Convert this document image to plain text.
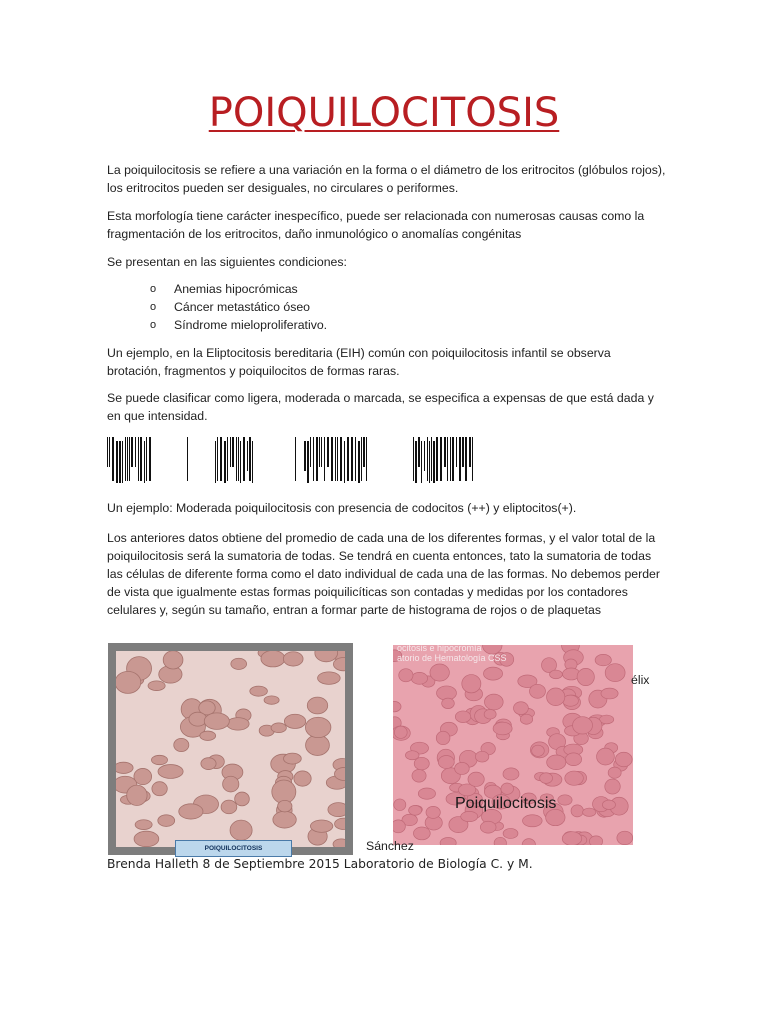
POIQUILOCITOSIS

La poiquilocitosis se refiere a una variación en la forma o el diámetro de los eritrocitos (glóbulos rojos), los eritrocitos pueden ser desiguales, no circulares o periformes.

Esta morfología tiene carácter inespecífico, puede ser relacionada con numerosas causas como la fragmentación de los eritrocitos, daño inmunológico o anomalías congénitas

Se presentan en las siguientes condiciones:

o Anemias hipocrómicas
o Cáncer metastático óseo
o Síndrome mieloproliferativo.

Un ejemplo, en la Eliptocitosis bereditaria (EIH) común con poiquilocitosis infantil se observa brotación, fragmentos y poiquilocitos de formas raras.

Se puede clasificar como ligera, moderada o marcada, se especifica a expensas de que está dada y en que intensidad.

Un ejemplo: Moderada poiquilocitosis con presencia de codocitos (++) y eliptocitos(+).

Los anteriores datos obtiene del promedio de cada una de los diferentes formas, y el valor total de la poiquilocitosis será la sumatoria de todas. Se tendrá en cuenta entonces, tato la sumatoria de todas las células de diferente forma como el dato individual de cada una de las formas. No debemos perder de vista que igualmente estas formas poiquilicíticas son contadas y medidas por los contadores celulares y, según su tamaño, entran a formar parte de histograma de rojos o de plaquetas

POIQUILOCITOSIS
ocitosis e hipocromía
atorio de Hematología CSS
Poiquilocitosis
élix
Sánchez
Brenda Halleth 8 de Septiembre 2015 Laboratorio de Biología C. y M.
